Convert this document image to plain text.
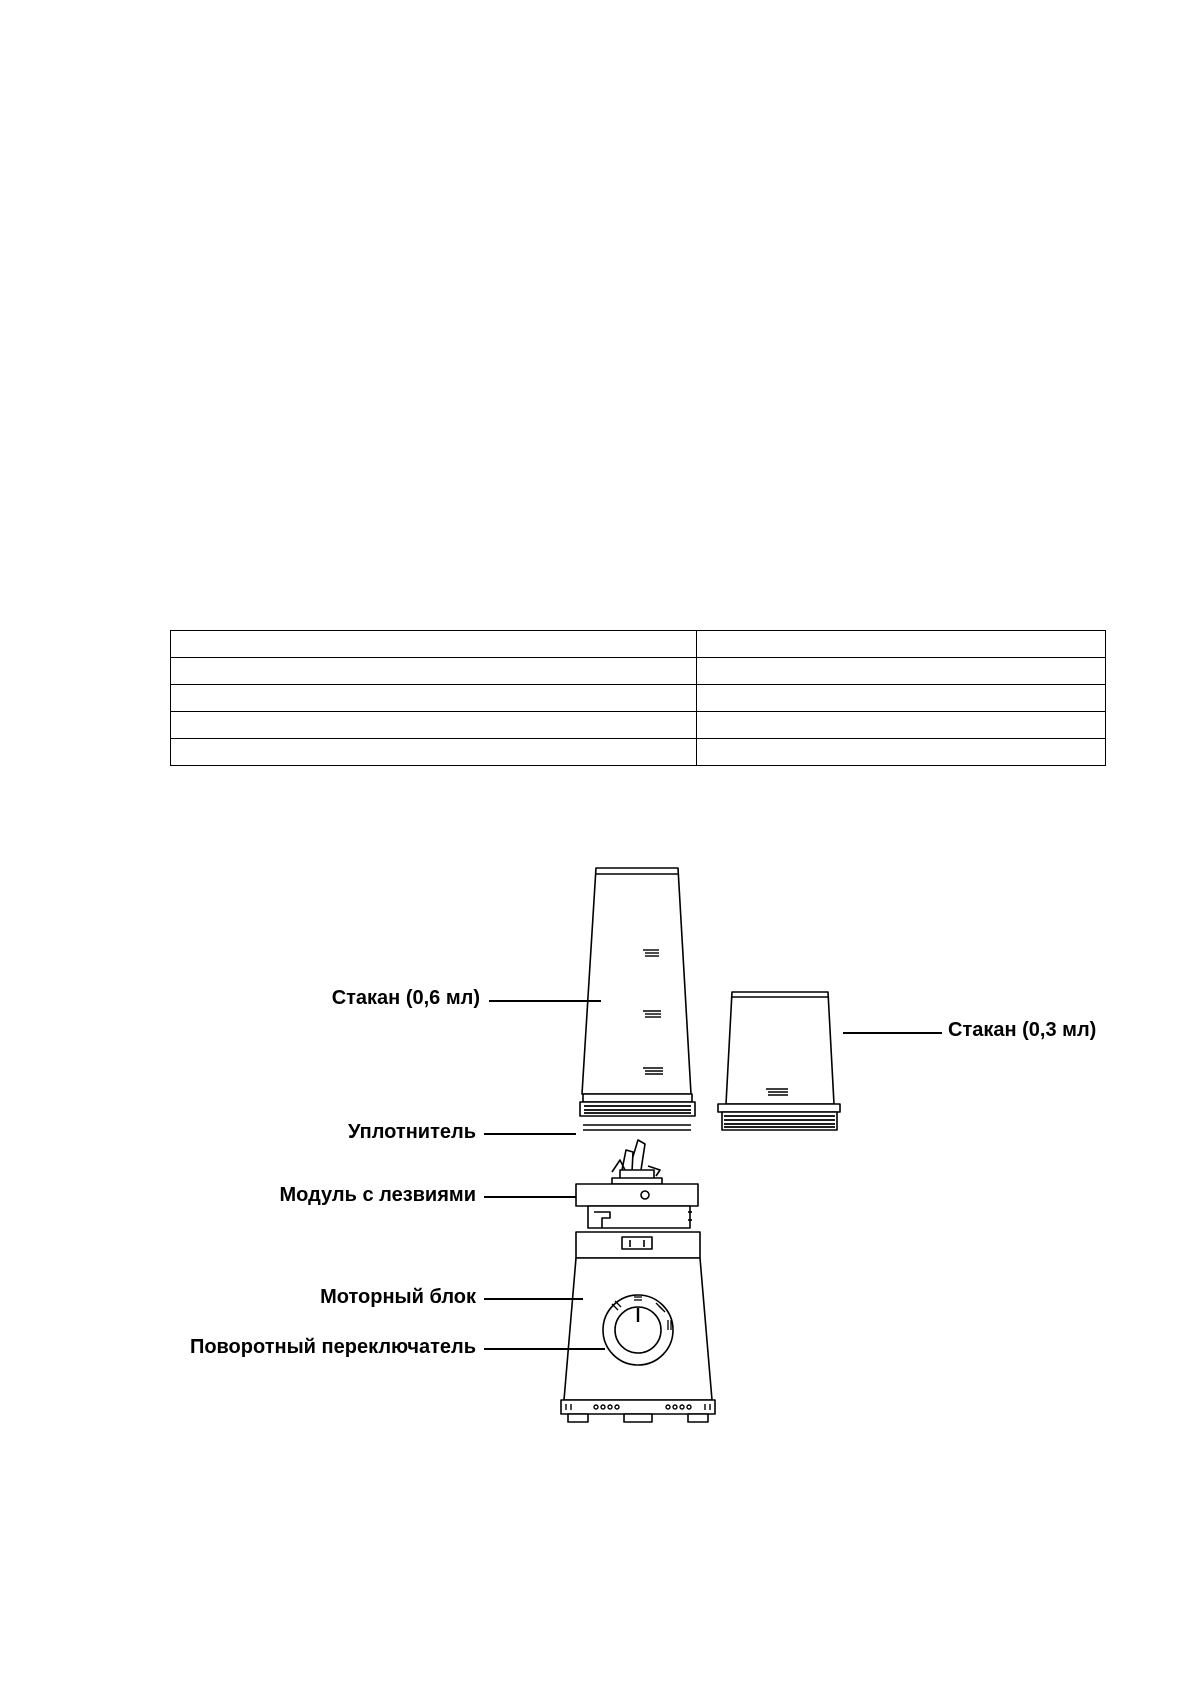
Стакан (0,6 мл)
Стакан (0,3 мл)
Уплотнитель
Модуль с лезвиями
Моторный блок
Поворотный переключатель
